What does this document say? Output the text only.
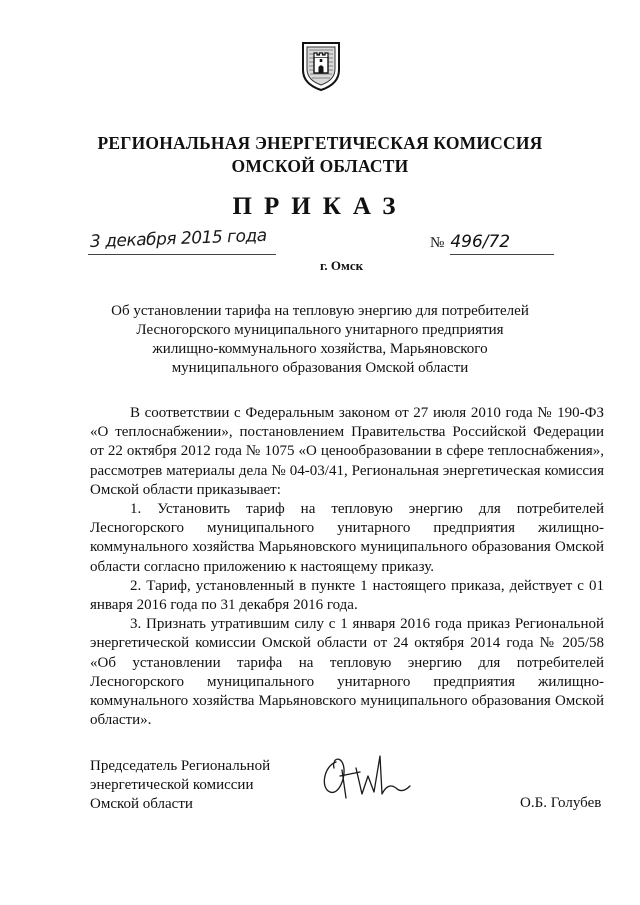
РЕГИОНАЛЬНАЯ ЭНЕРГЕТИЧЕСКАЯ КОМИССИЯ
ОМСКОЙ ОБЛАСТИ
ПРИКАЗ
3 декабря 2015 года
г. Омск
№ 496/72
Об установлении тарифа на тепловую энергию для потребителей Лесногорского муниципального унитарного предприятия жилищно-коммунального хозяйства, Марьяновского муниципального образования Омской области

В соответствии с Федеральным законом от 27 июля 2010 года № 190-ФЗ «О теплоснабжении», постановлением Правительства Российской Федерации от 22 октября 2012 года № 1075 «О ценообразовании в сфере теплоснабжения», рассмотрев материалы дела № 04-03/41, Региональная энергетическая комиссия Омской области приказывает:

1. Установить тариф на тепловую энергию для потребителей Лесногорского муниципального унитарного предприятия жилищно-коммунального хозяйства Марьяновского муниципального образования Омской области согласно приложению к настоящему приказу.

2. Тариф, установленный в пункте 1 настоящего приказа, действует с 01 января 2016 года по 31 декабря 2016 года.

3. Признать утратившим силу с 1 января 2016 года приказ Региональной энергетической комиссии Омской области от 24 октября 2014 года № 205/58 «Об установлении тарифа на тепловую энергию для потребителей Лесногорского муниципального унитарного предприятия жилищно-коммунального хозяйства Марьяновского муниципального образования Омской области».

Председатель Региональной
энергетической комиссии
Омской области	О.Б. Голубев
